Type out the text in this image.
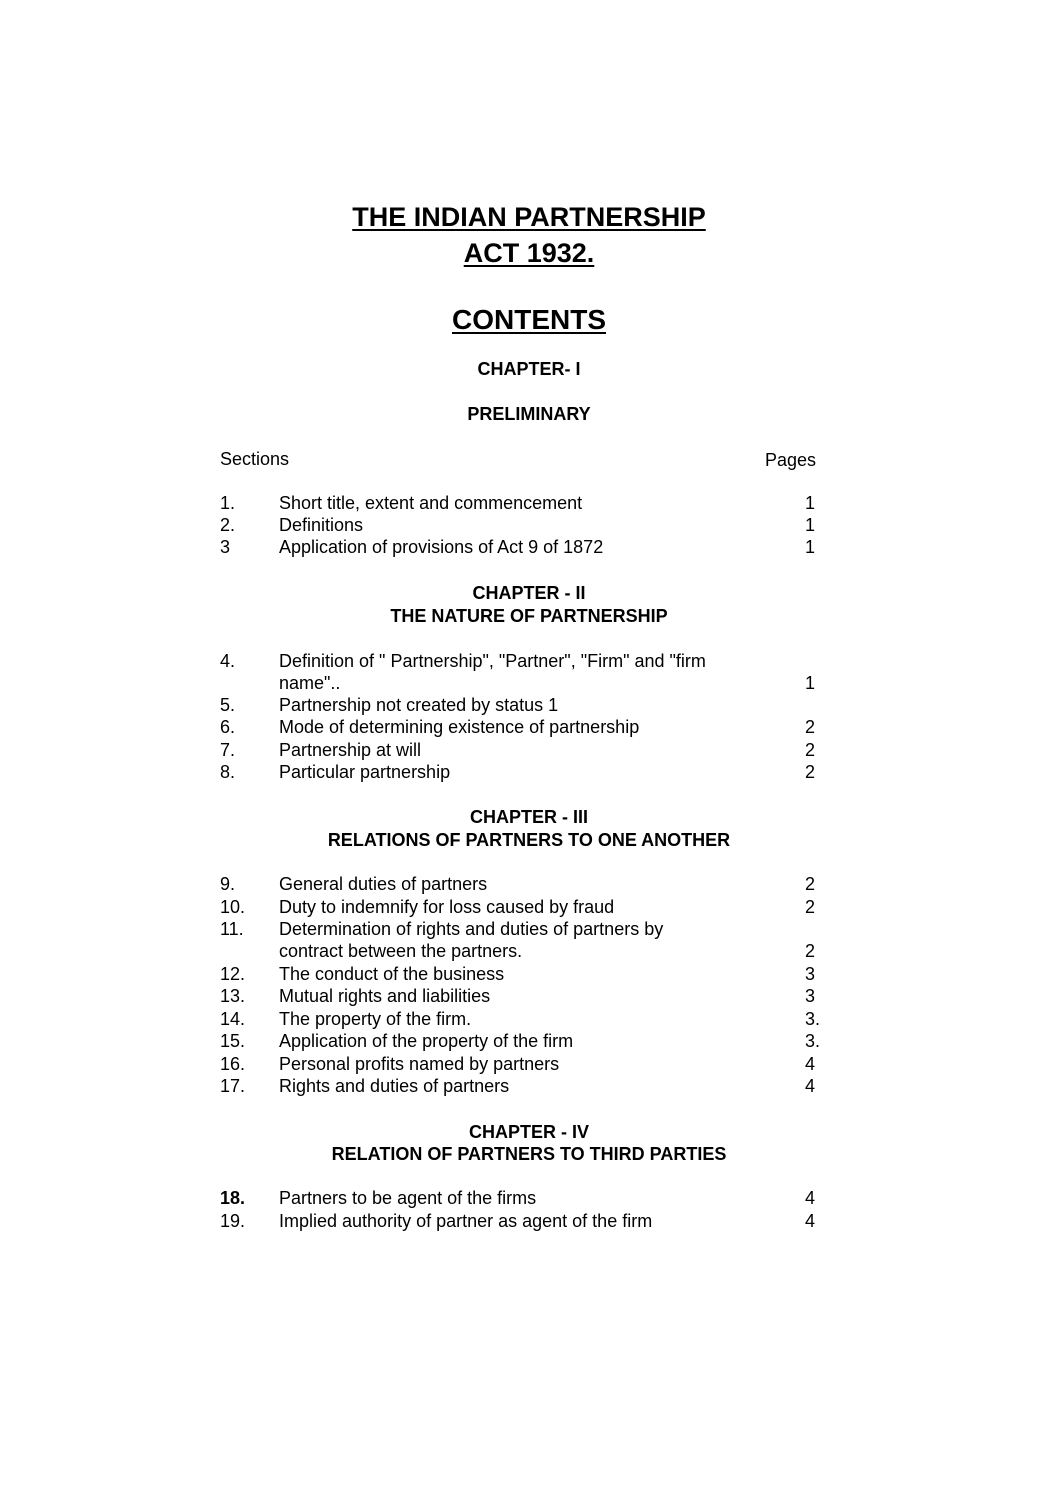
THE INDIAN PARTNERSHIP
ACT 1932.
CONTENTS
CHAPTER- I
PRELIMINARY
Sections	Pages
1. Short title, extent and commencement	1
2. Definitions	1
3	Application of provisions of Act 9 of 1872	1
CHAPTER - II
THE NATURE OF PARTNERSHIP
4. Definition of " Partnership", "Partner", "Firm" and "firm name"..	1
5. Partnership not created by status 1
6. Mode of determining existence of partnership	2
7. Partnership at will	2
8. Particular partnership	2
CHAPTER - III
RELATIONS OF PARTNERS TO ONE ANOTHER
9. General duties of partners	2
10. Duty to indemnify for loss caused by fraud	2
11. Determination of rights and duties of partners by contract between the partners.	2
12. The conduct of the business	3
13. Mutual rights and liabilities	3
14. The property of the firm.	3.
15. Application of the property of the firm	3.
16. Personal profits named by partners	4
17. Rights and duties of partners	4
CHAPTER - IV
RELATION OF PARTNERS TO THIRD PARTIES
18. Partners to be agent of the firms	4
19. Implied authority of partner as agent of the firm	4
